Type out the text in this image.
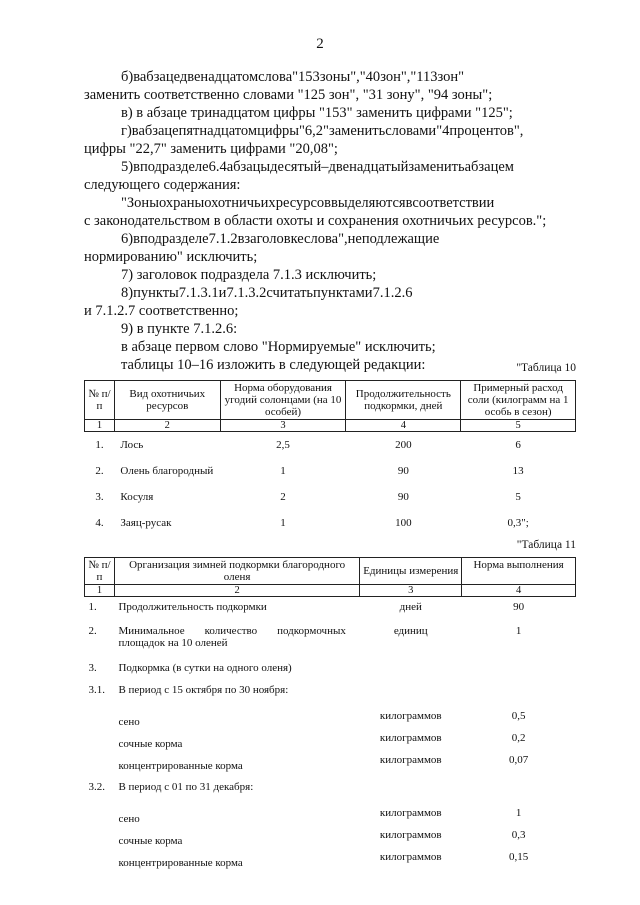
2
б)вабзацедвенадцатомслова"153зоны","40зон","113зон"
заменить соответственно словами "125 зон", "31 зону", "94 зоны";
в) в абзаце тринадцатом цифры "153" заменить цифрами "125";
г)вабзацепятнадцатомцифры"6,2"заменитьсловами"4процентов",
цифры "22,7" заменить цифрами "20,08";
5)вподразделе6.4абзацыдесятый–двенадцатыйзаменитьабзацем
следующего содержания:
"Зоныохраныохотничьихресурсоввыделяютсявсоответствии
с законодательством в области охоты и сохранения охотничьих ресурсов.";
6)вподразделе7.1.2взаголовкеслова",неподлежащие
нормированию" исключить;
7) заголовок подраздела 7.1.3 исключить;
8)пункты7.1.3.1и7.1.3.2считатьпунктами7.1.2.6
и 7.1.2.7 соответственно;
9) в пункте 7.1.2.6:
в абзаце первом слово "Нормируемые" исключить;
таблицы 10–16 изложить в следующей редакции:	"Таблица 10
№ п/п	Вид охотничьих ресурсов	Норма оборудования угодий солонцами (на 10 особей)	Продолжительность подкормки, дней	Примерный расход соли (килограмм на 1 особь в сезон)
1	2	3	4	5
1.	Лось	2,5	200	6
2.	Олень благородный	1	90	13
3.	Косуля	2	90	5
4.	Заяц-русак	1	100	0,3";
"Таблица 11
№ п/п	Организация зимней подкормки благородного оленя	Единицы измерения	Норма выполнения
1	2	3	4
1.	Продолжительность подкормки	дней	90
2.	Минимальное количество подкормочных площадок на 10 оленей	единиц	1
3.	Подкормка (в сутки на одного оленя)		
3.1.	В период с 15 октября по 30 ноября:		
	сено	килограммов	0,5
	сочные корма	килограммов	0,2
	концентрированные корма	килограммов	0,07
3.2.	В период с 01 по 31 декабря:		
	сено	килограммов	1
	сочные корма	килограммов	0,3
	концентрированные корма	килограммов	0,15
